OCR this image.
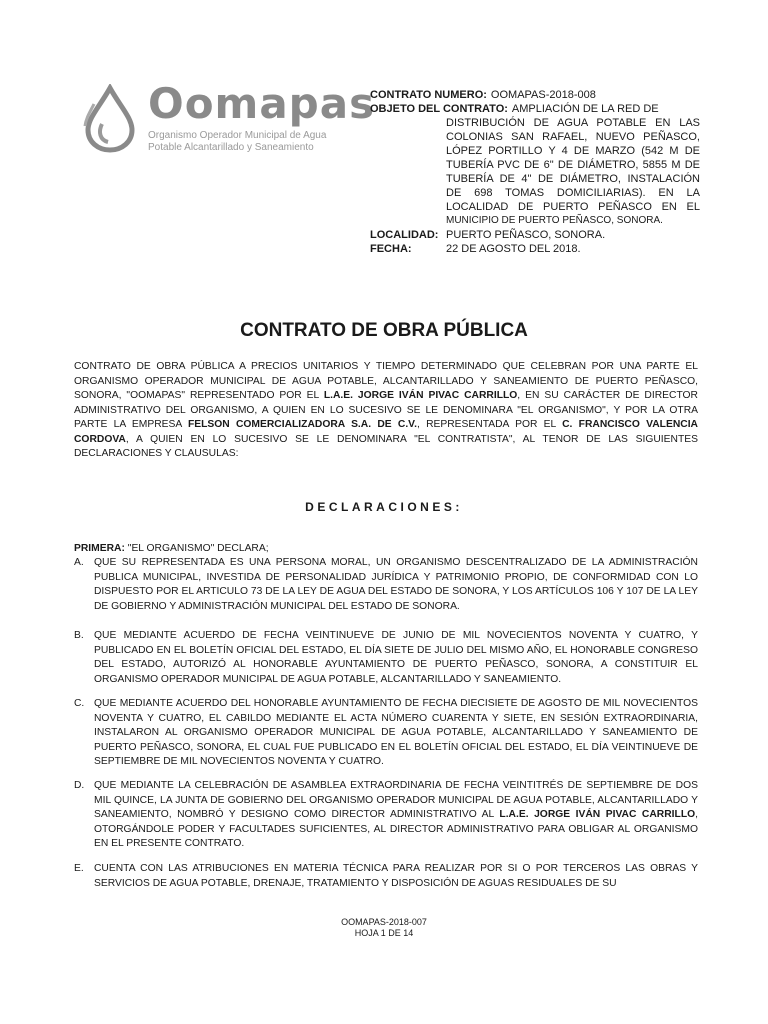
Oomapas
Organismo Operador Municipal de Agua Potable Alcantarillado y Saneamiento
CONTRATO NUMERO: OOMAPAS-2018-008
OBJETO DEL CONTRATO: AMPLIACIÓN DE LA RED DE
DISTRIBUCIÓN DE AGUA POTABLE EN LAS COLONIAS SAN RAFAEL, NUEVO PEÑASCO, LÓPEZ PORTILLO Y 4 DE MARZO (542 M DE TUBERÍA PVC DE 6" DE DIÁMETRO, 5855 M DE TUBERÍA DE 4" DE DIÁMETRO, INSTALACIÓN DE 698 TOMAS DOMICILIARIAS). EN LA LOCALIDAD DE PUERTO PEÑASCO EN EL
MUNICIPIO DE PUERTO PEÑASCO, SONORA.
LOCALIDAD: PUERTO PEÑASCO, SONORA.
FECHA:	22 DE AGOSTO DEL 2018.
CONTRATO DE OBRA PÚBLICA
CONTRATO DE OBRA PÚBLICA A PRECIOS UNITARIOS Y TIEMPO DETERMINADO QUE CELEBRAN POR UNA PARTE EL ORGANISMO OPERADOR MUNICIPAL DE AGUA POTABLE, ALCANTARILLADO Y SANEAMIENTO DE PUERTO PEÑASCO, SONORA, "OOMAPAS" REPRESENTADO POR EL L.A.E. JORGE IVÁN PIVAC CARRILLO, EN SU CARÁCTER DE DIRECTOR ADMINISTRATIVO DEL ORGANISMO, A QUIEN EN LO SUCESIVO SE LE DENOMINARA "EL ORGANISMO", Y POR LA OTRA PARTE LA EMPRESA FELSON COMERCIALIZADORA S.A. DE C.V., REPRESENTADA POR EL C. FRANCISCO VALENCIA CORDOVA, A QUIEN EN LO SUCESIVO SE LE DENOMINARA "EL CONTRATISTA", AL TENOR DE LAS SIGUIENTES DECLARACIONES Y CLAUSULAS:
DECLARACIONES:
PRIMERA: "EL ORGANISMO" DECLARA;
A. QUE SU REPRESENTADA ES UNA PERSONA MORAL, UN ORGANISMO DESCENTRALIZADO DE LA ADMINISTRACIÓN PUBLICA MUNICIPAL, INVESTIDA DE PERSONALIDAD JURÍDICA Y PATRIMONIO PROPIO, DE CONFORMIDAD CON LO DISPUESTO POR EL ARTICULO 73 DE LA LEY DE AGUA DEL ESTADO DE SONORA, Y LOS ARTÍCULOS 106 Y 107 DE LA LEY DE GOBIERNO Y ADMINISTRACIÓN MUNICIPAL DEL ESTADO DE SONORA.
B. QUE MEDIANTE ACUERDO DE FECHA VEINTINUEVE DE JUNIO DE MIL NOVECIENTOS NOVENTA Y CUATRO, Y PUBLICADO EN EL BOLETÍN OFICIAL DEL ESTADO, EL DÍA SIETE DE JULIO DEL MISMO AÑO, EL HONORABLE CONGRESO DEL ESTADO, AUTORIZÓ AL HONORABLE AYUNTAMIENTO DE PUERTO PEÑASCO, SONORA, A CONSTITUIR EL ORGANISMO OPERADOR MUNICIPAL DE AGUA POTABLE, ALCANTARILLADO Y SANEAMIENTO.
C. QUE MEDIANTE ACUERDO DEL HONORABLE AYUNTAMIENTO DE FECHA DIECISIETE DE AGOSTO DE MIL NOVECIENTOS NOVENTA Y CUATRO, EL CABILDO MEDIANTE EL ACTA NÚMERO CUARENTA Y SIETE, EN SESIÓN EXTRAORDINARIA, INSTALARON AL ORGANISMO OPERADOR MUNICIPAL DE AGUA POTABLE, ALCANTARILLADO Y SANEAMIENTO DE PUERTO PEÑASCO, SONORA, EL CUAL FUE PUBLICADO EN EL BOLETÍN OFICIAL DEL ESTADO, EL DÍA VEINTINUEVE DE SEPTIEMBRE DE MIL NOVECIENTOS NOVENTA Y CUATRO.
D. QUE MEDIANTE LA CELEBRACIÓN DE ASAMBLEA EXTRAORDINARIA DE FECHA VEINTITRÉS DE SEPTIEMBRE DE DOS MIL QUINCE, LA JUNTA DE GOBIERNO DEL ORGANISMO OPERADOR MUNICIPAL DE AGUA POTABLE, ALCANTARILLADO Y SANEAMIENTO, NOMBRÓ Y DESIGNO COMO DIRECTOR ADMINISTRATIVO AL L.A.E. JORGE IVÁN PIVAC CARRILLO, OTORGÁNDOLE PODER Y FACULTADES SUFICIENTES, AL DIRECTOR ADMINISTRATIVO PARA OBLIGAR AL ORGANISMO EN EL PRESENTE CONTRATO.
E. CUENTA CON LAS ATRIBUCIONES EN MATERIA TÉCNICA PARA REALIZAR POR SI O POR TERCEROS LAS OBRAS Y SERVICIOS DE AGUA POTABLE, DRENAJE, TRATAMIENTO Y DISPOSICIÓN DE AGUAS RESIDUALES DE SU
OOMAPAS-2018-007
HOJA 1 DE 14
